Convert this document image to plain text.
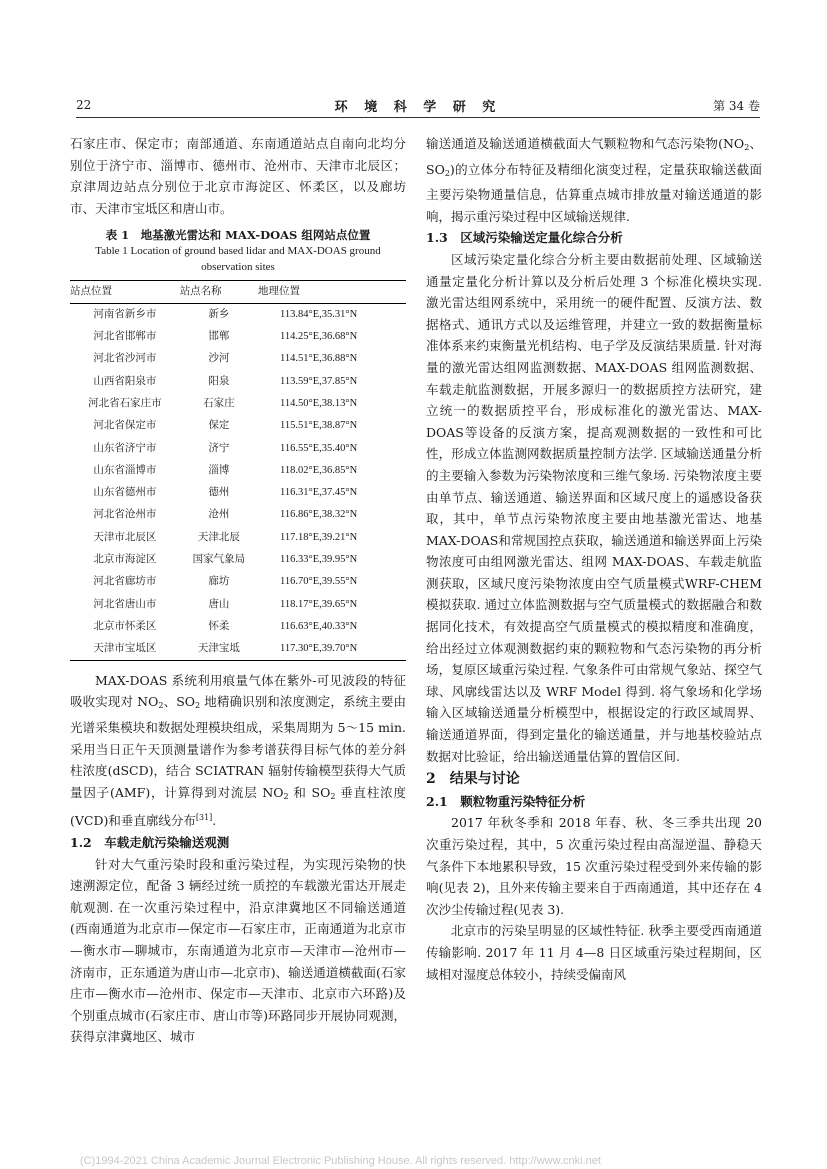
22	环 境 科 学 研 究	第 34 卷

石家庄市、保定市；南部通道、东南通道站点自南向北均分别位于济宁市、淄博市、德州市、沧州市、天津市北辰区；京津周边站点分别位于北京市海淀区、怀柔区，以及廊坊市、天津市宝坻区和唐山市。

表 1　地基激光雷达和 MAX-DOAS 组网站点位置
Table 1 Location of ground based lidar and MAX-DOAS ground observation sites
站点位置	站点名称	地理位置
河南省新乡市	新乡	113.84°E,35.31°N
河北省邯郸市	邯郸	114.25°E,36.68°N
河北省沙河市	沙河	114.51°E,36.88°N
山西省阳泉市	阳泉	113.59°E,37.85°N
河北省石家庄市	石家庄	114.50°E,38.13°N
河北省保定市	保定	115.51°E,38.87°N
山东省济宁市	济宁	116.55°E,35.40°N
山东省淄博市	淄博	118.02°E,36.85°N
山东省德州市	德州	116.31°E,37.45°N
河北省沧州市	沧州	116.86°E,38.32°N
天津市北辰区	天津北辰	117.18°E,39.21°N
北京市海淀区	国家气象局	116.33°E,39.95°N
河北省廊坊市	廊坊	116.70°E,39.55°N
河北省唐山市	唐山	118.17°E,39.65°N
北京市怀柔区	怀柔	116.63°E,40.33°N
天津市宝坻区	天津宝坻	117.30°E,39.70°N

MAX-DOAS 系统利用痕量气体在紫外-可见波段的特征吸收实现对 $NO_2$、$SO_2$ 地精确识别和浓度测定，系统主要由光谱采集模块和数据处理模块组成，采集周期为 5～15 min. 采用当日正午天顶测量谱作为参考谱获得目标气体的差分斜柱浓度(dSCD)，结合 SCIATRAN 辐射传输模型获得大气质量因子(AMF)，计算得到对流层 $NO_2$ 和 $SO_2$ 垂直柱浓度(VCD)和垂直廓线分布[31].

1.2　车载走航污染输送观测

针对大气重污染时段和重污染过程，为实现污染物的快速溯源定位，配备 3 辆经过统一质控的车载激光雷达开展走航观测. 在一次重污染过程中，沿京津冀地区不同输送通道(西南通道为北京市—保定市—石家庄市，正南通道为北京市—衡水市—聊城市，东南通道为北京市—天津市—沧州市—济南市，正东通道为唐山市—北京市)、输送通道横截面(石家庄市—衡水市—沧州市、保定市—天津市、北京市六环路)及个别重点城市(石家庄市、唐山市等)环路同步开展协同观测，获得京津冀地区、城市

输送通道及输送通道横截面大气颗粒物和气态污染物($NO_2$、$SO_2$)的立体分布特征及精细化演变过程，定量获取输送截面主要污染物通量信息，估算重点城市排放量对输送通道的影响，揭示重污染过程中区域输送规律.

1.3　区域污染输送定量化综合分析

区域污染定量化综合分析主要由数据前处理、区域输送通量定量化分析计算以及分析后处理 3 个标准化模块实现. 激光雷达组网系统中，采用统一的硬件配置、反演方法、数据格式、通讯方式以及运维管理，并建立一致的数据衡量标准体系来约束衡量光机结构、电子学及反演结果质量. 针对海量的激光雷达组网监测数据、MAX-DOAS 组网监测数据、车载走航监测数据，开展多源归一的数据质控方法研究，建立统一的数据质控平台，形成标准化的激光雷达、MAX-DOAS等设备的反演方案，提高观测数据的一致性和可比性，形成立体监测网数据质量控制方法学. 区域输送通量分析的主要输入参数为污染物浓度和三维气象场. 污染物浓度主要由单节点、输送通道、输送界面和区域尺度上的遥感设备获取，其中，单节点污染物浓度主要由地基激光雷达、地基MAX-DOAS和常规国控点获取，输送通道和输送界面上污染物浓度可由组网激光雷达、组网 MAX-DOAS、车载走航监测获取，区域尺度污染物浓度由空气质量模式WRF-CHEM模拟获取. 通过立体监测数据与空气质量模式的数据融合和数据同化技术，有效提高空气质量模式的模拟精度和准确度，给出经过立体观测数据约束的颗粒物和气态污染物的再分析场，复原区域重污染过程. 气象条件可由常规气象站、探空气球、风廓线雷达以及 WRF Model 得到. 将气象场和化学场输入区域输送通量分析模型中，根据设定的行政区域周界、输送通道界面，得到定量化的输送通量，并与地基校验站点数据对比验证，给出输送通量估算的置信区间.

2　结果与讨论
2.1　颗粒物重污染特征分析

2017 年秋冬季和 2018 年春、秋、冬三季共出现 20 次重污染过程，其中，5 次重污染过程由高湿逆温、静稳天气条件下本地累积导致，15 次重污染过程受到外来传输的影响(见表 2)，且外来传输主要来自于西南通道，其中还存在 4 次沙尘传输过程(见表 3).

北京市的污染呈明显的区域性特征. 秋季主要受西南通道传输影响. 2017 年 11 月 4—8 日区域重污染过程期间，区域相对湿度总体较小，持续受偏南风

(C)1994-2021 China Academic Journal Electronic Publishing House. All rights reserved. http://www.cnki.net
